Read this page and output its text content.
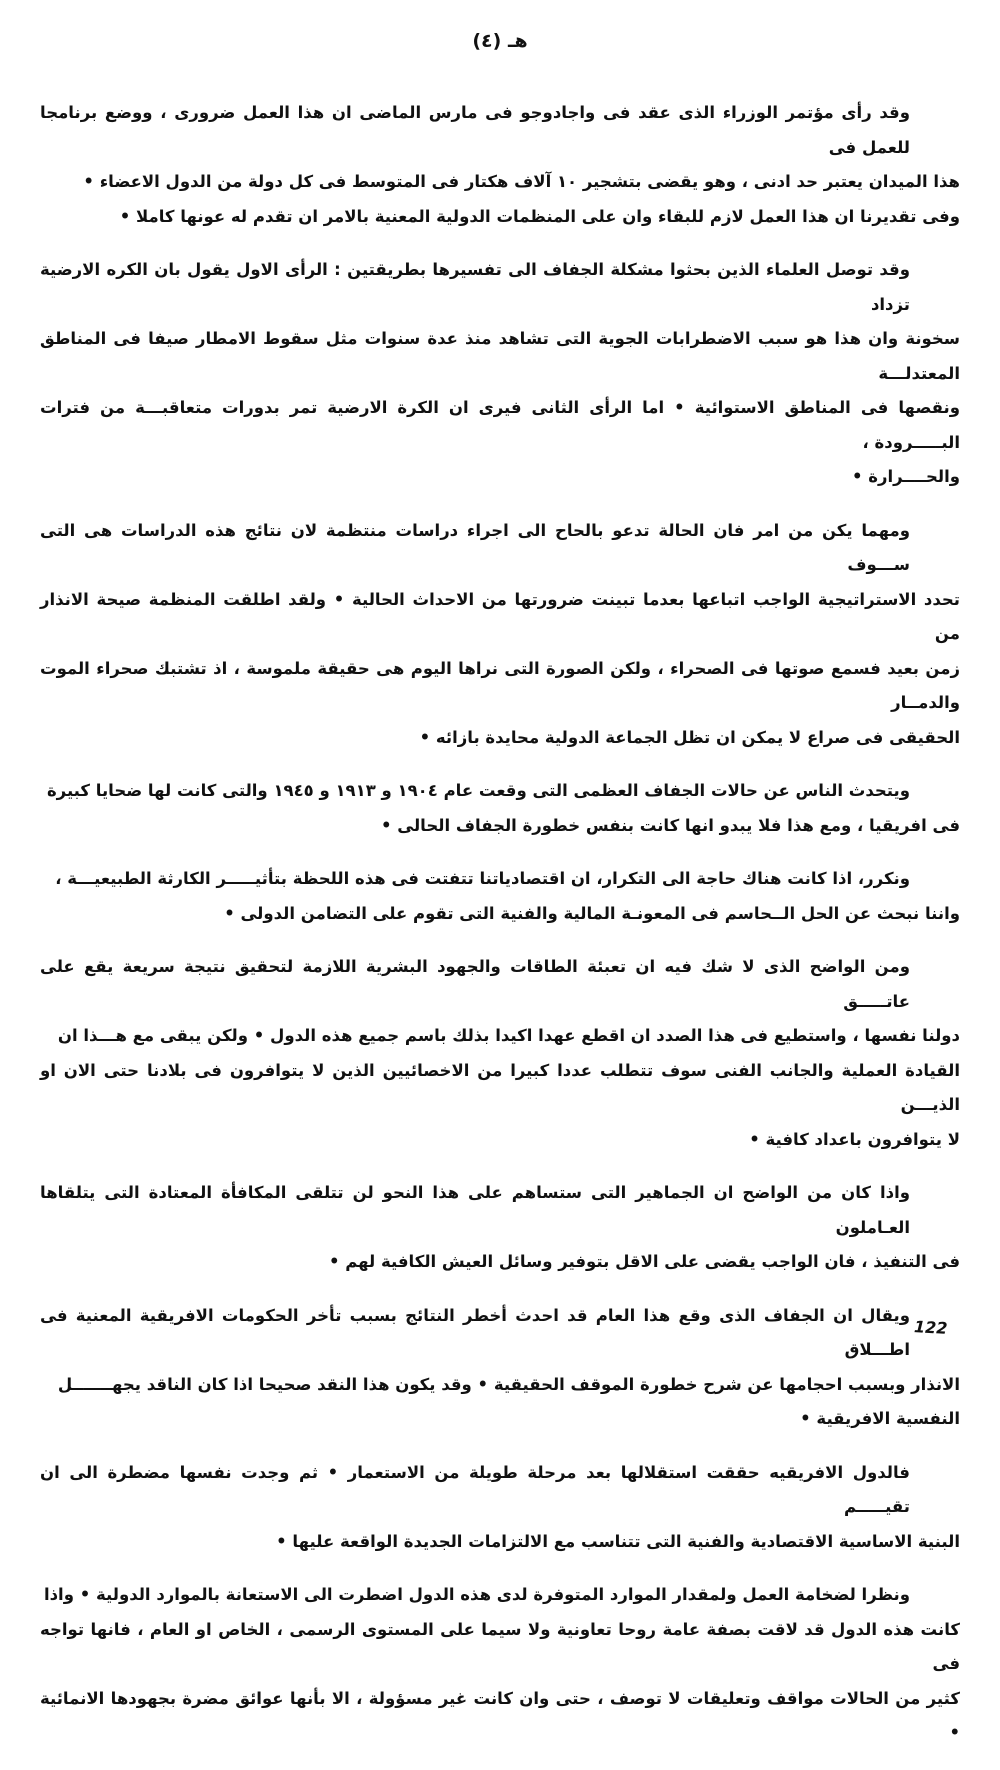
هـ (٤)

وقد رأى مؤتمر الوزراء الذى عقد فى واجادوجو فى مارس الماضى ان هذا العمل ضرورى ، ووضع برنامجا للعمل فى
هذا الميدان يعتبر حد ادنى ، وهو يقضى بتشجير ١٠ آلاف هكتار فى المتوسط فى كل دولة من الدول الاعضاء •
وفى تقديرنا ان هذا العمل لازم للبقاء وان على المنظمات الدولية المعنية بالامر ان تقدم له عونها كاملا •

وقد توصل العلماء الذين بحثوا مشكلة الجفاف الى تفسيرها بطريقتين : الرأى الاول يقول بان الكره الارضية تزداد
سخونة وان هذا هو سبب الاضطرابات الجوية التى تشاهد منذ عدة سنوات مثل سقوط الامطار صيفا فى المناطق المعتدلـــة
ونقصها فى المناطق الاستوائية • اما الرأى الثانى فيرى ان الكرة الارضية تمر بدورات متعاقبـــة من فترات البـــــرودة ،
والحــــرارة •

ومهما يكن من امر فان الحالة تدعو بالحاح الى اجراء دراسات منتظمة لان نتائج هذه الدراسات هى التى ســـوف
تحدد الاستراتيجية الواجب اتباعها بعدما تبينت ضرورتها من الاحداث الحالية • ولقد اطلقت المنظمة صيحة الانذار من
زمن بعيد فسمع صوتها فى الصحراء ، ولكن الصورة التى نراها اليوم هى حقيقة ملموسة ، اذ تشتبك صحراء الموت والدمــار
الحقيقى فى صراع لا يمكن ان تظل الجماعة الدولية محايدة بازائه •

ويتحدث الناس عن حالات الجفاف العظمى التى وقعت عام ١٩٠٤ و ١٩١٣ و ١٩٤٥ والتى كانت لها ضحايا كبيرة
فى افريقيا ، ومع هذا فلا يبدو انها كانت بنفس خطورة الجفاف الحالى •

ونكرر، اذا كانت هناك حاجة الى التكرار، ان اقتصادياتنا تتفتت فى هذه اللحظة بتأثيـــــر الكارثة الطبيعيـــة ،
واننا نبحث عن الحل الــحاسم فى المعونـة المالية والفنية التى تقوم على التضامن الدولى •

ومن الواضح الذى لا شك فيه ان تعبئة الطاقات والجهود البشرية اللازمة لتحقيق نتيجة سريعة يقع على عاتـــــق
دولنا نفسها ، واستطيع فى هذا الصدد ان اقطع عهدا اكيدا بذلك باسم جميع هذه الدول • ولكن يبقى مع هـــذا ان
القيادة العملية والجانب الفنى سوف تتطلب عددا كبيرا من الاخصائيين الذين لا يتوافرون فى بلادنا حتى الان او الذيـــن
لا يتوافرون باعداد كافية •

واذا كان من الواضح ان الجماهير التى ستساهم على هذا النحو لن تتلقى المكافأة المعتادة التى يتلقاها العـاملون
فى التنفيذ ، فان الواجب يقضى على الاقل بتوفير وسائل العيش الكافية لهم •

ويقال ان الجفاف الذى وقع هذا العام قد احدث أخطر النتائج بسبب تأخر الحكومات الافريقية المعنية فى اطـــلاق
الانذار وبسبب احجامها عن شرح خطورة الموقف الحقيقية • وقد يكون هذا النقد صحيحا اذا كان الناقد يجهـــــــل
النفسية الافريقية •

فالدول الافريقيه حققت استقلالها بعد مرحلة طويلة من الاستعمار • ثم وجدت نفسها مضطرة الى ان تقيـــــم
البنية الاساسية الاقتصادية والفنية التى تتناسب مع الالتزامات الجديدة الواقعة عليها •

ونظرا لضخامة العمل ولمقدار الموارد المتوفرة لدى هذه الدول اضطرت الى الاستعانة بالموارد الدولية • واذا
كانت هذه الدول قد لاقت بصفة عامة روحا تعاونية ولا سيما على المستوى الرسمى ، الخاص او العام ، فانها تواجه فى
كثير من الحالات مواقف وتعليقات لا توصف ، حتى وان كانت غير مسؤولة ، الا بأنها عوائق مضرة بجهودها الانمائية •

122
